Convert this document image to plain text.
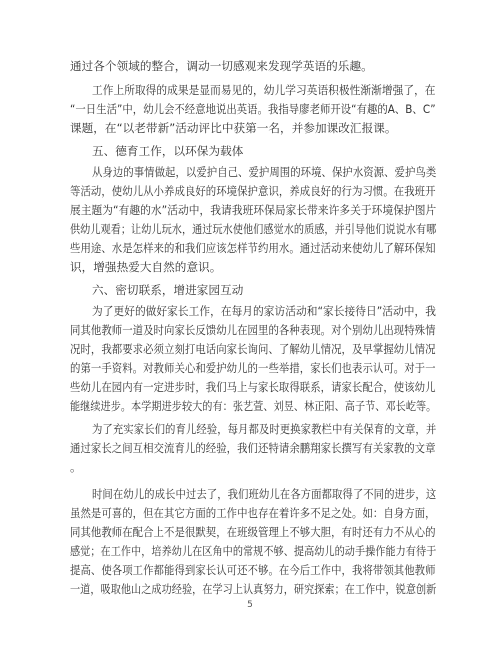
通过各个领域的整合，调动一切感观来发现学英语的乐趣。
工作上所取得的成果是显而易见的，幼儿学习英语积极性渐渐增强了，在
“一日生活”中，幼儿会不经意地说出英语。我指导廖老师开设“有趣的A、B、C”
课题，在“以老带新”活动评比中获第一名，并参加课改汇报课。
五、德育工作，以环保为载体
从身边的事情做起，以爱护自己、爱护周围的环境、保护水资源、爱护鸟类
等活动，使幼儿从小养成良好的环境保护意识，养成良好的行为习惯。在我班开
展主题为“有趣的水”活动中，我请我班环保局家长带来许多关于环境保护图片
供幼儿观看；让幼儿玩水，通过玩水使他们感觉水的质感，并引导他们说说水有哪
些用途、水是怎样来的和我们应该怎样节约用水。通过活动来使幼儿了解环保知
识，增强热爱大自然的意识。
六、密切联系，增进家园互动
为了更好的做好家长工作，在每月的家访活动和“家长接待日”活动中，我
同其他教师一道及时向家长反馈幼儿在园里的各种表现。对个别幼儿出现特殊情
况时，我都要求必须立刻打电话向家长询问、了解幼儿情况，及早掌握幼儿情况
的第一手资料。对教师关心和爱护幼儿的一些举措，家长们也表示认可。对于一
些幼儿在园内有一定进步时，我们马上与家长取得联系，请家长配合，使该幼儿
能继续进步。本学期进步较大的有：张艺萱、刘昱、林正阳、高子节、邓长屹等。
为了充实家长们的育儿经验，每月都及时更换家教栏中有关保育的文章，并
通过家长之间互相交流育儿的经验，我们还特请余鹏翔家长撰写有关家教的文章
。
时间在幼儿的成长中过去了，我们班幼儿在各方面都取得了不同的进步，这
虽然是可喜的，但在其它方面的工作中也存在着许多不足之处。如：自身方面，
同其他教师在配合上不是很默契，在班级管理上不够大胆，有时还有力不从心的
感觉；在工作中，培养幼儿在区角中的常规不够、提高幼儿的动手操作能力有待于
提高、使各项工作都能得到家长认可还不够。在今后工作中，我将带领其他教师
一道，吸取他山之成功经验，在学习上认真努力，研究探索；在工作中，锐意创新
5
